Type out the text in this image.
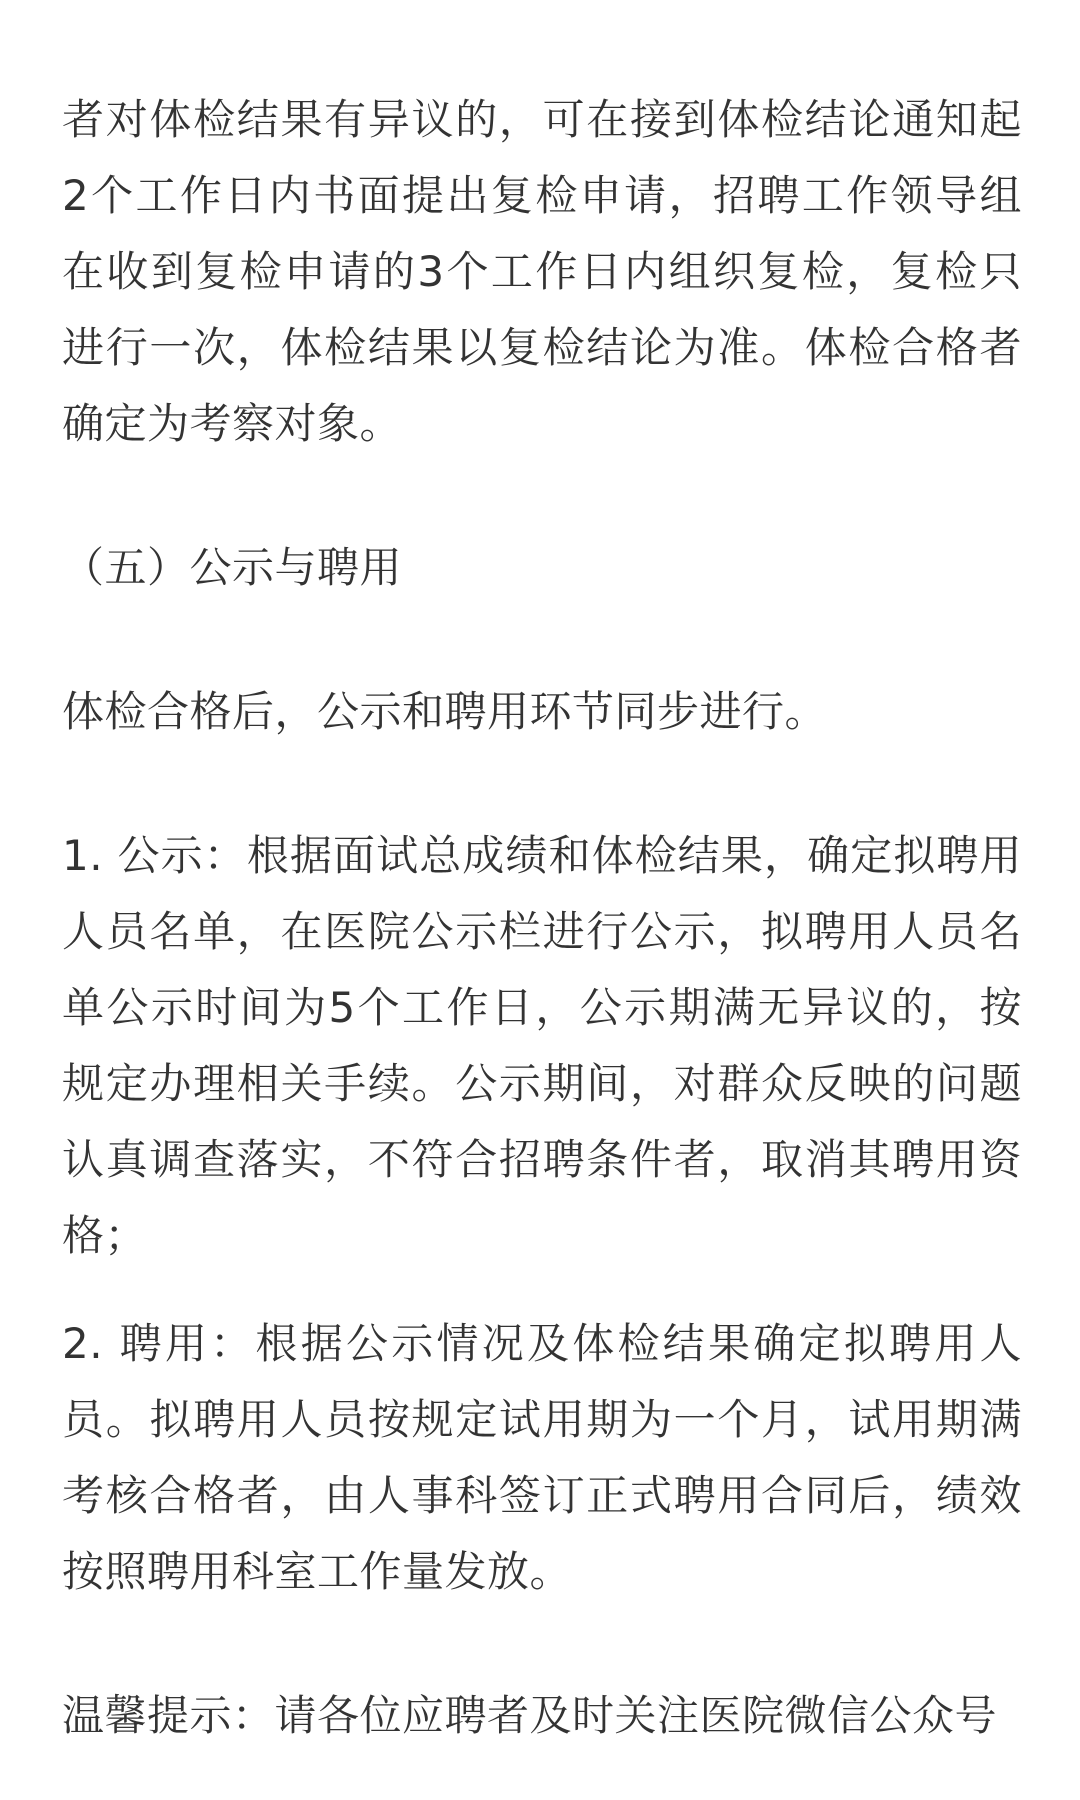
者对体检结果有异议的，可在接到体检结论通知起2个工作日内书面提出复检申请，招聘工作领导组在收到复检申请的3个工作日内组织复检，复检只进行一次，体检结果以复检结论为准。体检合格者确定为考察对象。

（五）公示与聘用

体检合格后，公示和聘用环节同步进行。

1. 公示：根据面试总成绩和体检结果，确定拟聘用人员名单，在医院公示栏进行公示，拟聘用人员名单公示时间为5个工作日，公示期满无异议的，按规定办理相关手续。公示期间，对群众反映的问题认真调查落实，不符合招聘条件者，取消其聘用资格；

2. 聘用：根据公示情况及体检结果确定拟聘用人员。拟聘用人员按规定试用期为一个月，试用期满考核合格者，由人事科签订正式聘用合同后，绩效按照聘用科室工作量发放。

温馨提示：请各位应聘者及时关注医院微信公众号
